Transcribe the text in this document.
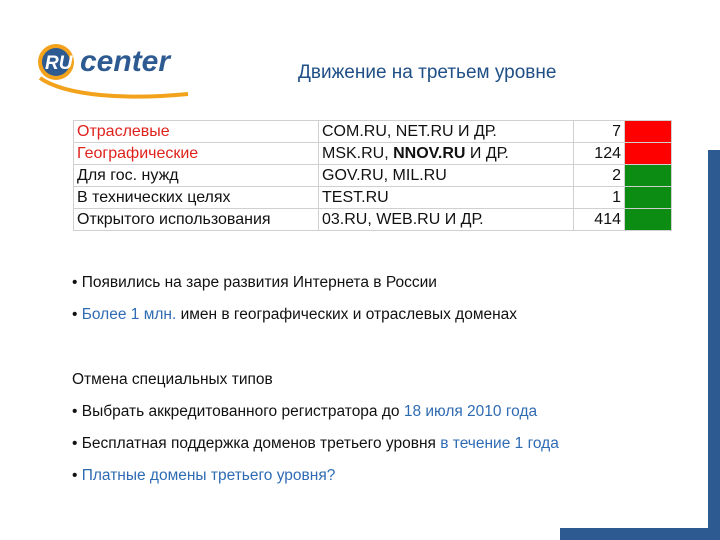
RU center	Движение на третьем уровне
Отраслевые	COM.RU, NET.RU И ДР.	7	
Географические	MSK.RU, NNOV.RU И ДР.	124	
Для гос. нужд	GOV.RU, MIL.RU	2	
В технических целях	TEST.RU	1	
Открытого использования	03.RU, WEB.RU И ДР.	414	
• Появились на заре развития Интернета в России
• Более 1 млн. имен в географических и отраслевых доменах
Отмена специальных типов
• Выбрать аккредитованного регистратора до 18 июля 2010 года
• Бесплатная поддержка доменов третьего уровня в течение 1 года
• Платные домены третьего уровня?
